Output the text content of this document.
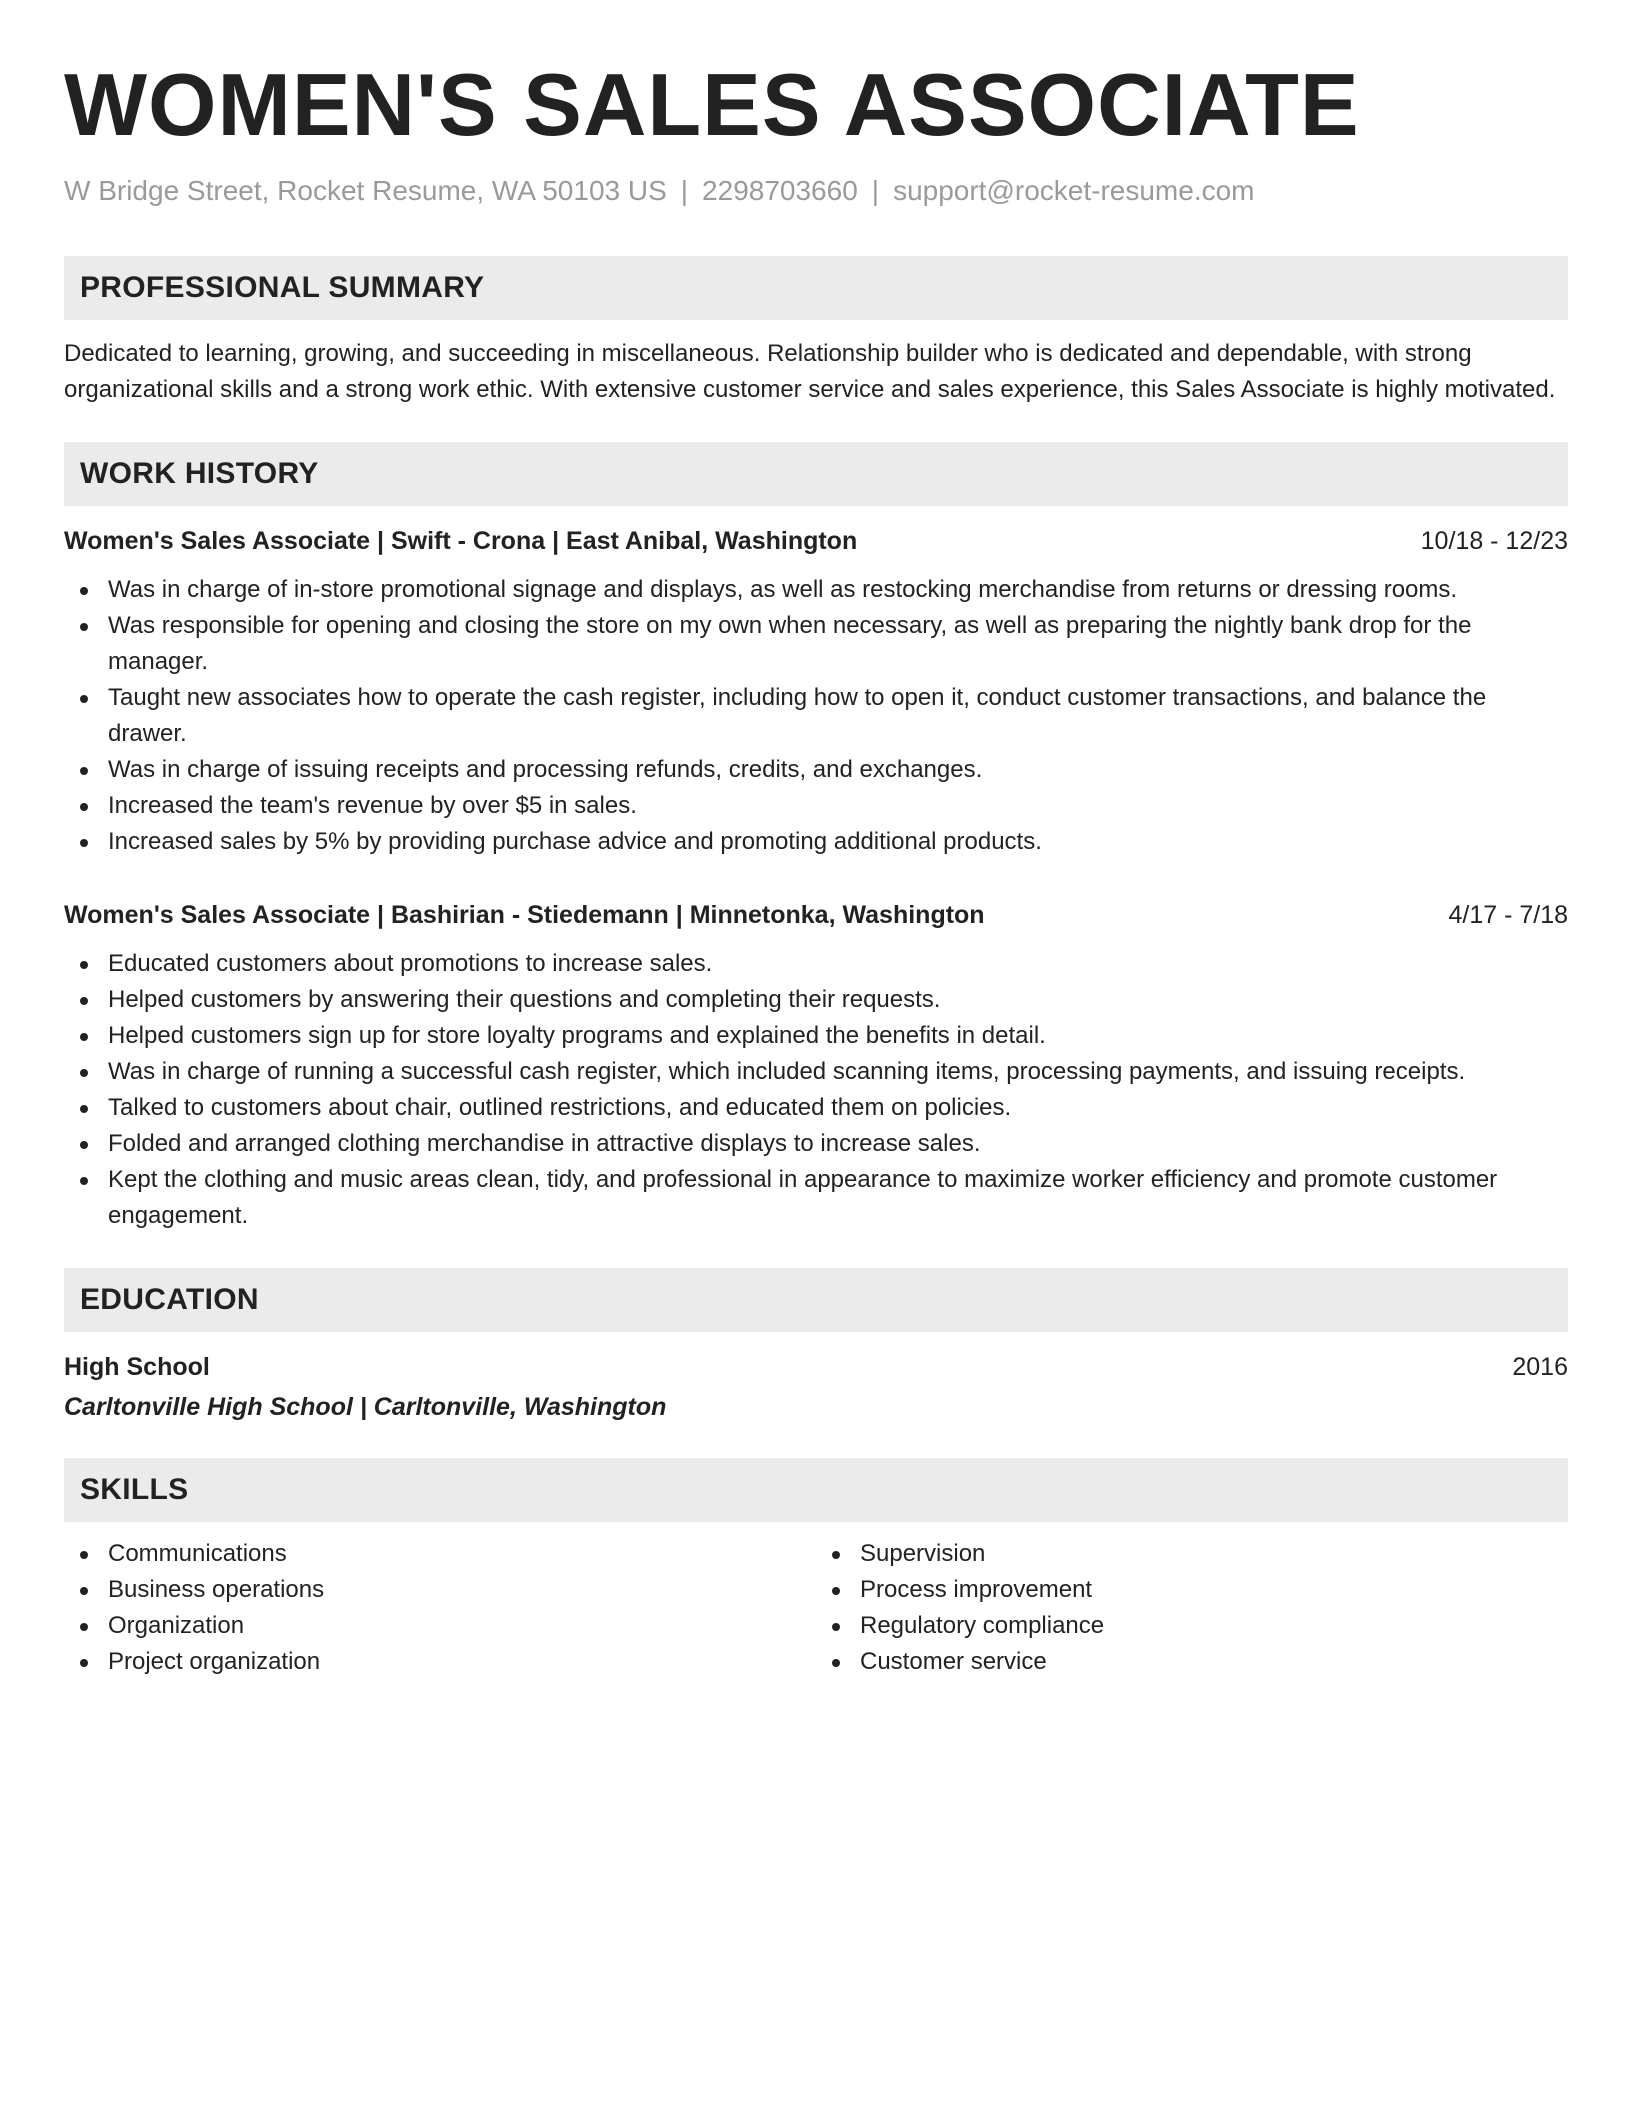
WOMEN'S SALES ASSOCIATE
W Bridge Street, Rocket Resume, WA 50103 US | 2298703660 | support@rocket-resume.com
PROFESSIONAL SUMMARY
Dedicated to learning, growing, and succeeding in miscellaneous. Relationship builder who is dedicated and dependable, with strong organizational skills and a strong work ethic. With extensive customer service and sales experience, this Sales Associate is highly motivated.
WORK HISTORY
Women's Sales Associate | Swift - Crona | East Anibal, Washington	10/18 - 12/23
Was in charge of in-store promotional signage and displays, as well as restocking merchandise from returns or dressing rooms.
Was responsible for opening and closing the store on my own when necessary, as well as preparing the nightly bank drop for the manager.
Taught new associates how to operate the cash register, including how to open it, conduct customer transactions, and balance the drawer.
Was in charge of issuing receipts and processing refunds, credits, and exchanges.
Increased the team's revenue by over $5 in sales.
Increased sales by 5% by providing purchase advice and promoting additional products.
Women's Sales Associate | Bashirian - Stiedemann | Minnetonka, Washington	4/17 - 7/18
Educated customers about promotions to increase sales.
Helped customers by answering their questions and completing their requests.
Helped customers sign up for store loyalty programs and explained the benefits in detail.
Was in charge of running a successful cash register, which included scanning items, processing payments, and issuing receipts.
Talked to customers about chair, outlined restrictions, and educated them on policies.
Folded and arranged clothing merchandise in attractive displays to increase sales.
Kept the clothing and music areas clean, tidy, and professional in appearance to maximize worker efficiency and promote customer engagement.
EDUCATION
High School	2016
Carltonville High School | Carltonville, Washington
SKILLS
Communications
Business operations
Organization
Project organization
Supervision
Process improvement
Regulatory compliance
Customer service
